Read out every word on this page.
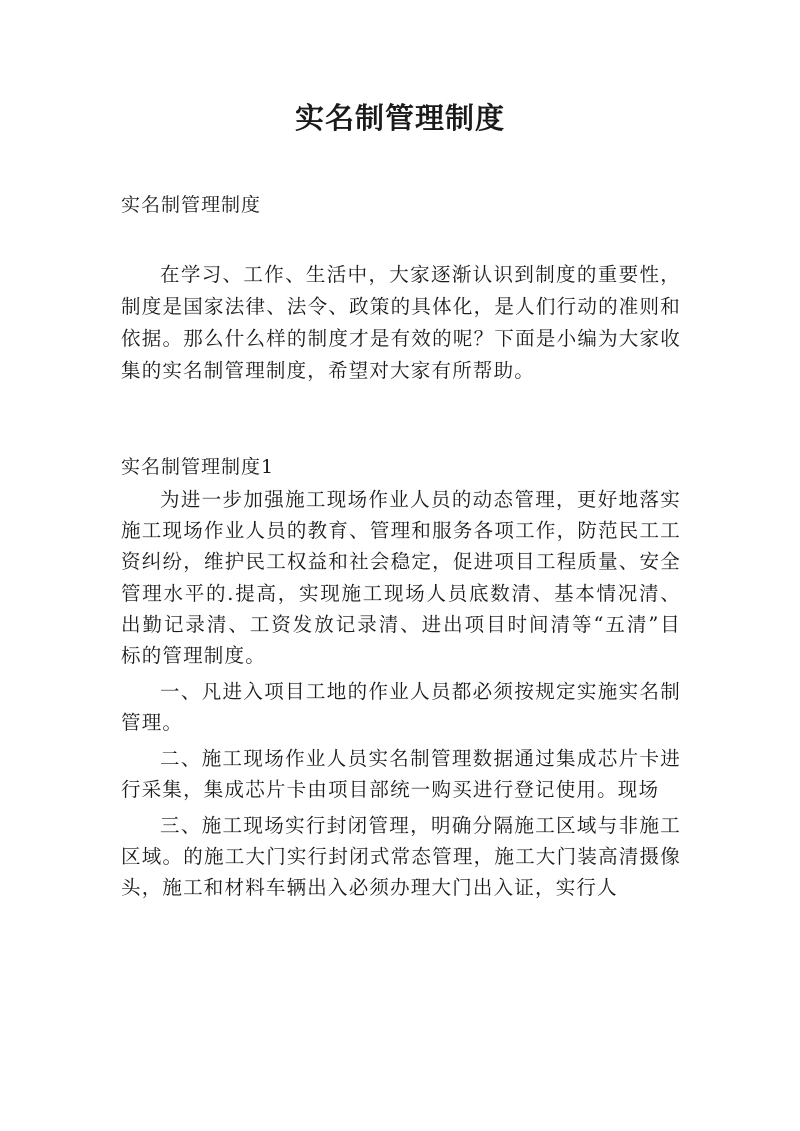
实名制管理制度
实名制管理制度

在学习、工作、生活中，大家逐渐认识到制度的重要性，制度是国家法律、法令、政策的具体化，是人们行动的准则和依据。那么什么样的制度才是有效的呢？下面是小编为大家收集的实名制管理制度，希望对大家有所帮助。

实名制管理制度1

为进一步加强施工现场作业人员的动态管理，更好地落实施工现场作业人员的教育、管理和服务各项工作，防范民工工资纠纷，维护民工权益和社会稳定，促进项目工程质量、安全管理水平的.提高，实现施工现场人员底数清、基本情况清、出勤记录清、工资发放记录清、进出项目时间清等“五清”目标的管理制度。

一、凡进入项目工地的作业人员都必须按规定实施实名制管理。

二、施工现场作业人员实名制管理数据通过集成芯片卡进行采集，集成芯片卡由项目部统一购买进行登记使用。现场

三、施工现场实行封闭管理，明确分隔施工区域与非施工区域。的施工大门实行封闭式常态管理，施工大门装高清摄像头，施工和材料车辆出入必须办理大门出入证，实行人
